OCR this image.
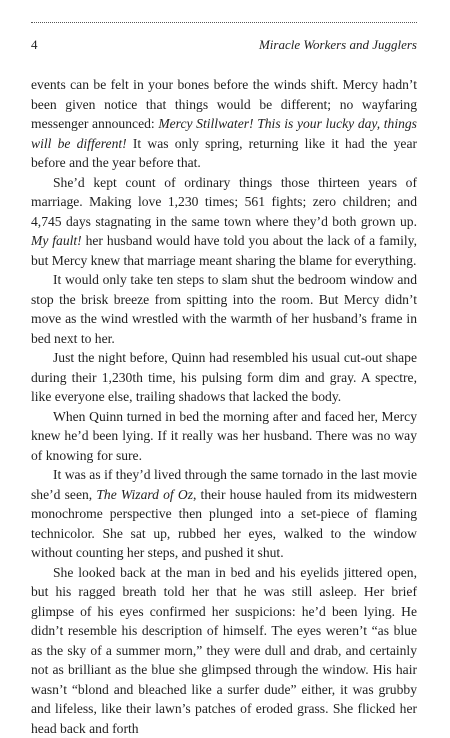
4	Miracle Workers and Jugglers

events can be felt in your bones before the winds shift. Mercy hadn’t been given notice that things would be different; no wayfaring messenger announced: Mercy Stillwater! This is your lucky day, things will be different! It was only spring, returning like it had the year before and the year before that.

She’d kept count of ordinary things those thirteen years of marriage. Making love 1,230 times; 561 fights; zero children; and 4,745 days stagnating in the same town where they’d both grown up. My fault! her husband would have told you about the lack of a family, but Mercy knew that marriage meant sharing the blame for everything.

It would only take ten steps to slam shut the bedroom window and stop the brisk breeze from spitting into the room. But Mercy didn’t move as the wind wrestled with the warmth of her husband’s frame in bed next to her.

Just the night before, Quinn had resembled his usual cut-out shape during their 1,230th time, his pulsing form dim and gray. A spectre, like everyone else, trailing shadows that lacked the body.

When Quinn turned in bed the morning after and faced her, Mercy knew he’d been lying. If it really was her husband. There was no way of knowing for sure.

It was as if they’d lived through the same tornado in the last movie she’d seen, The Wizard of Oz, their house hauled from its midwestern monochrome perspective then plunged into a set-piece of flaming technicolor. She sat up, rubbed her eyes, walked to the window without counting her steps, and pushed it shut.

She looked back at the man in bed and his eyelids jittered open, but his ragged breath told her that he was still asleep. Her brief glimpse of his eyes confirmed her suspicions: he’d been lying. He didn’t resemble his description of himself. The eyes weren’t “as blue as the sky of a summer morn,” they were dull and drab, and certainly not as brilliant as the blue she glimpsed through the window. His hair wasn’t “blond and bleached like a surfer dude” either, it was grubby and lifeless, like their lawn’s patches of eroded grass. She flicked her head back and forth
